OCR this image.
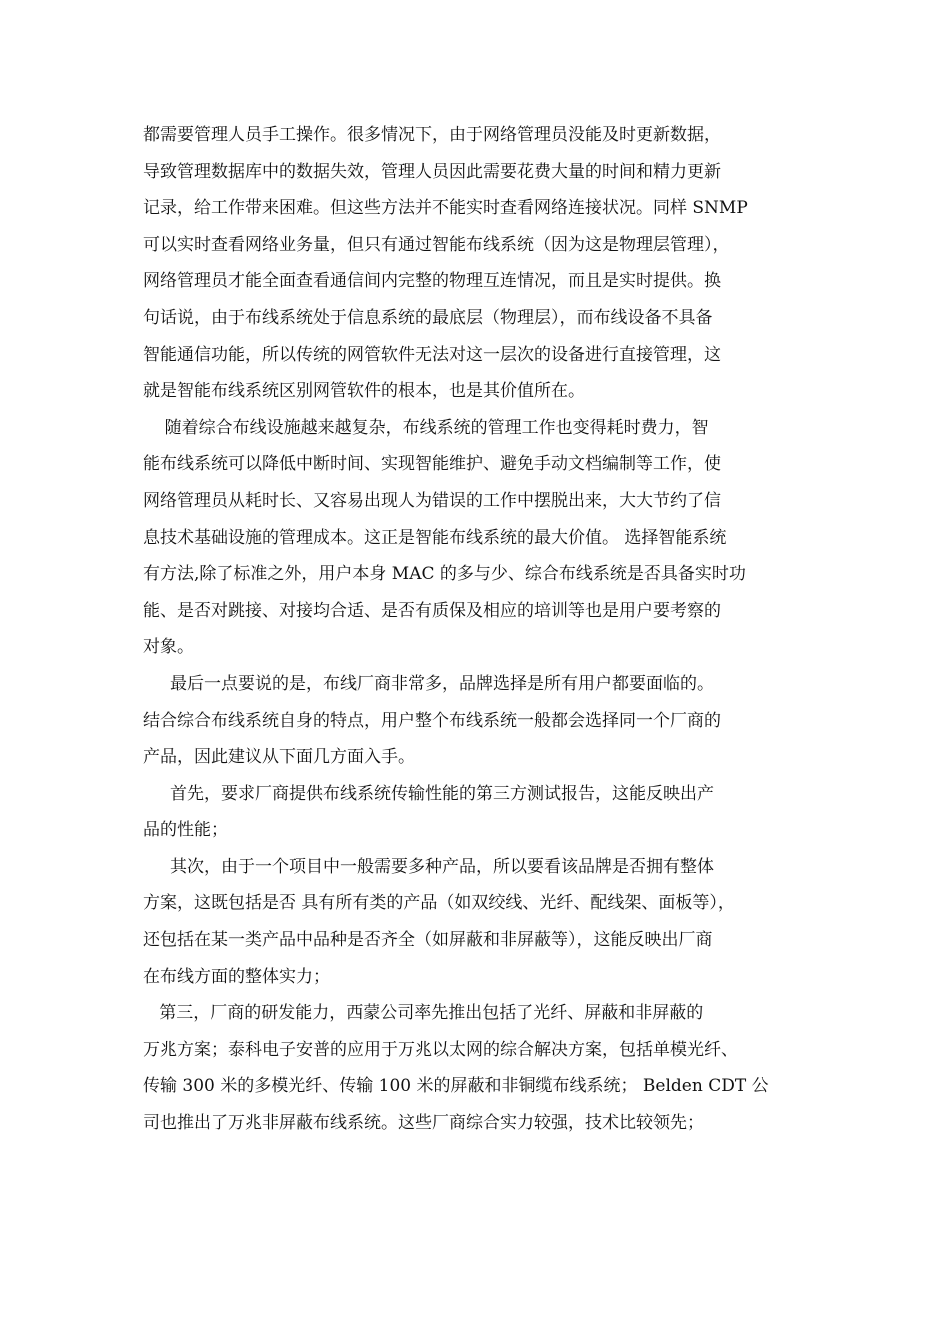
都需要管理人员手工操作。很多情况下，由于网络管理员没能及时更新数据，
导致管理数据库中的数据失效，管理人员因此需要花费大量的时间和精力更新
记录，给工作带来困难。但这些方法并不能实时查看网络连接状况。同样 SNMP
可以实时查看网络业务量，但只有通过智能布线系统（因为这是物理层管理），
网络管理员才能全面查看通信间内完整的物理互连情况，而且是实时提供。换
句话说，由于布线系统处于信息系统的最底层（物理层），而布线设备不具备
智能通信功能，所以传统的网管软件无法对这一层次的设备进行直接管理，这
就是智能布线系统区别网管软件的根本，也是其价值所在。
随着综合布线设施越来越复杂，布线系统的管理工作也变得耗时费力，智
能布线系统可以降低中断时间、实现智能维护、避免手动文档编制等工作，使
网络管理员从耗时长、又容易出现人为错误的工作中摆脱出来，大大节约了信
息技术基础设施的管理成本。这正是智能布线系统的最大价值。 选择智能系统
有方法,除了标准之外，用户本身 MAC 的多与少、综合布线系统是否具备实时功
能、是否对跳接、对接均合适、是否有质保及相应的培训等也是用户要考察的
对象。
最后一点要说的是，布线厂商非常多，品牌选择是所有用户都要面临的。
结合综合布线系统自身的特点，用户整个布线系统一般都会选择同一个厂商的
产品，因此建议从下面几方面入手。
首先，要求厂商提供布线系统传输性能的第三方测试报告，这能反映出产
品的性能；
其次，由于一个项目中一般需要多种产品，所以要看该品牌是否拥有整体
方案，这既包括是否 具有所有类的产品（如双绞线、光纤、配线架、面板等），
还包括在某一类产品中品种是否齐全（如屏蔽和非屏蔽等），这能反映出厂商
在布线方面的整体实力；
第三，厂商的研发能力，西蒙公司率先推出包括了光纤、屏蔽和非屏蔽的
万兆方案；泰科电子安普的应用于万兆以太网的综合解决方案，包括单模光纤、
传输 300 米的多模光纤、传输 100 米的屏蔽和非铜缆布线系统； Belden CDT 公
司也推出了万兆非屏蔽布线系统。这些厂商综合实力较强，技术比较领先；
